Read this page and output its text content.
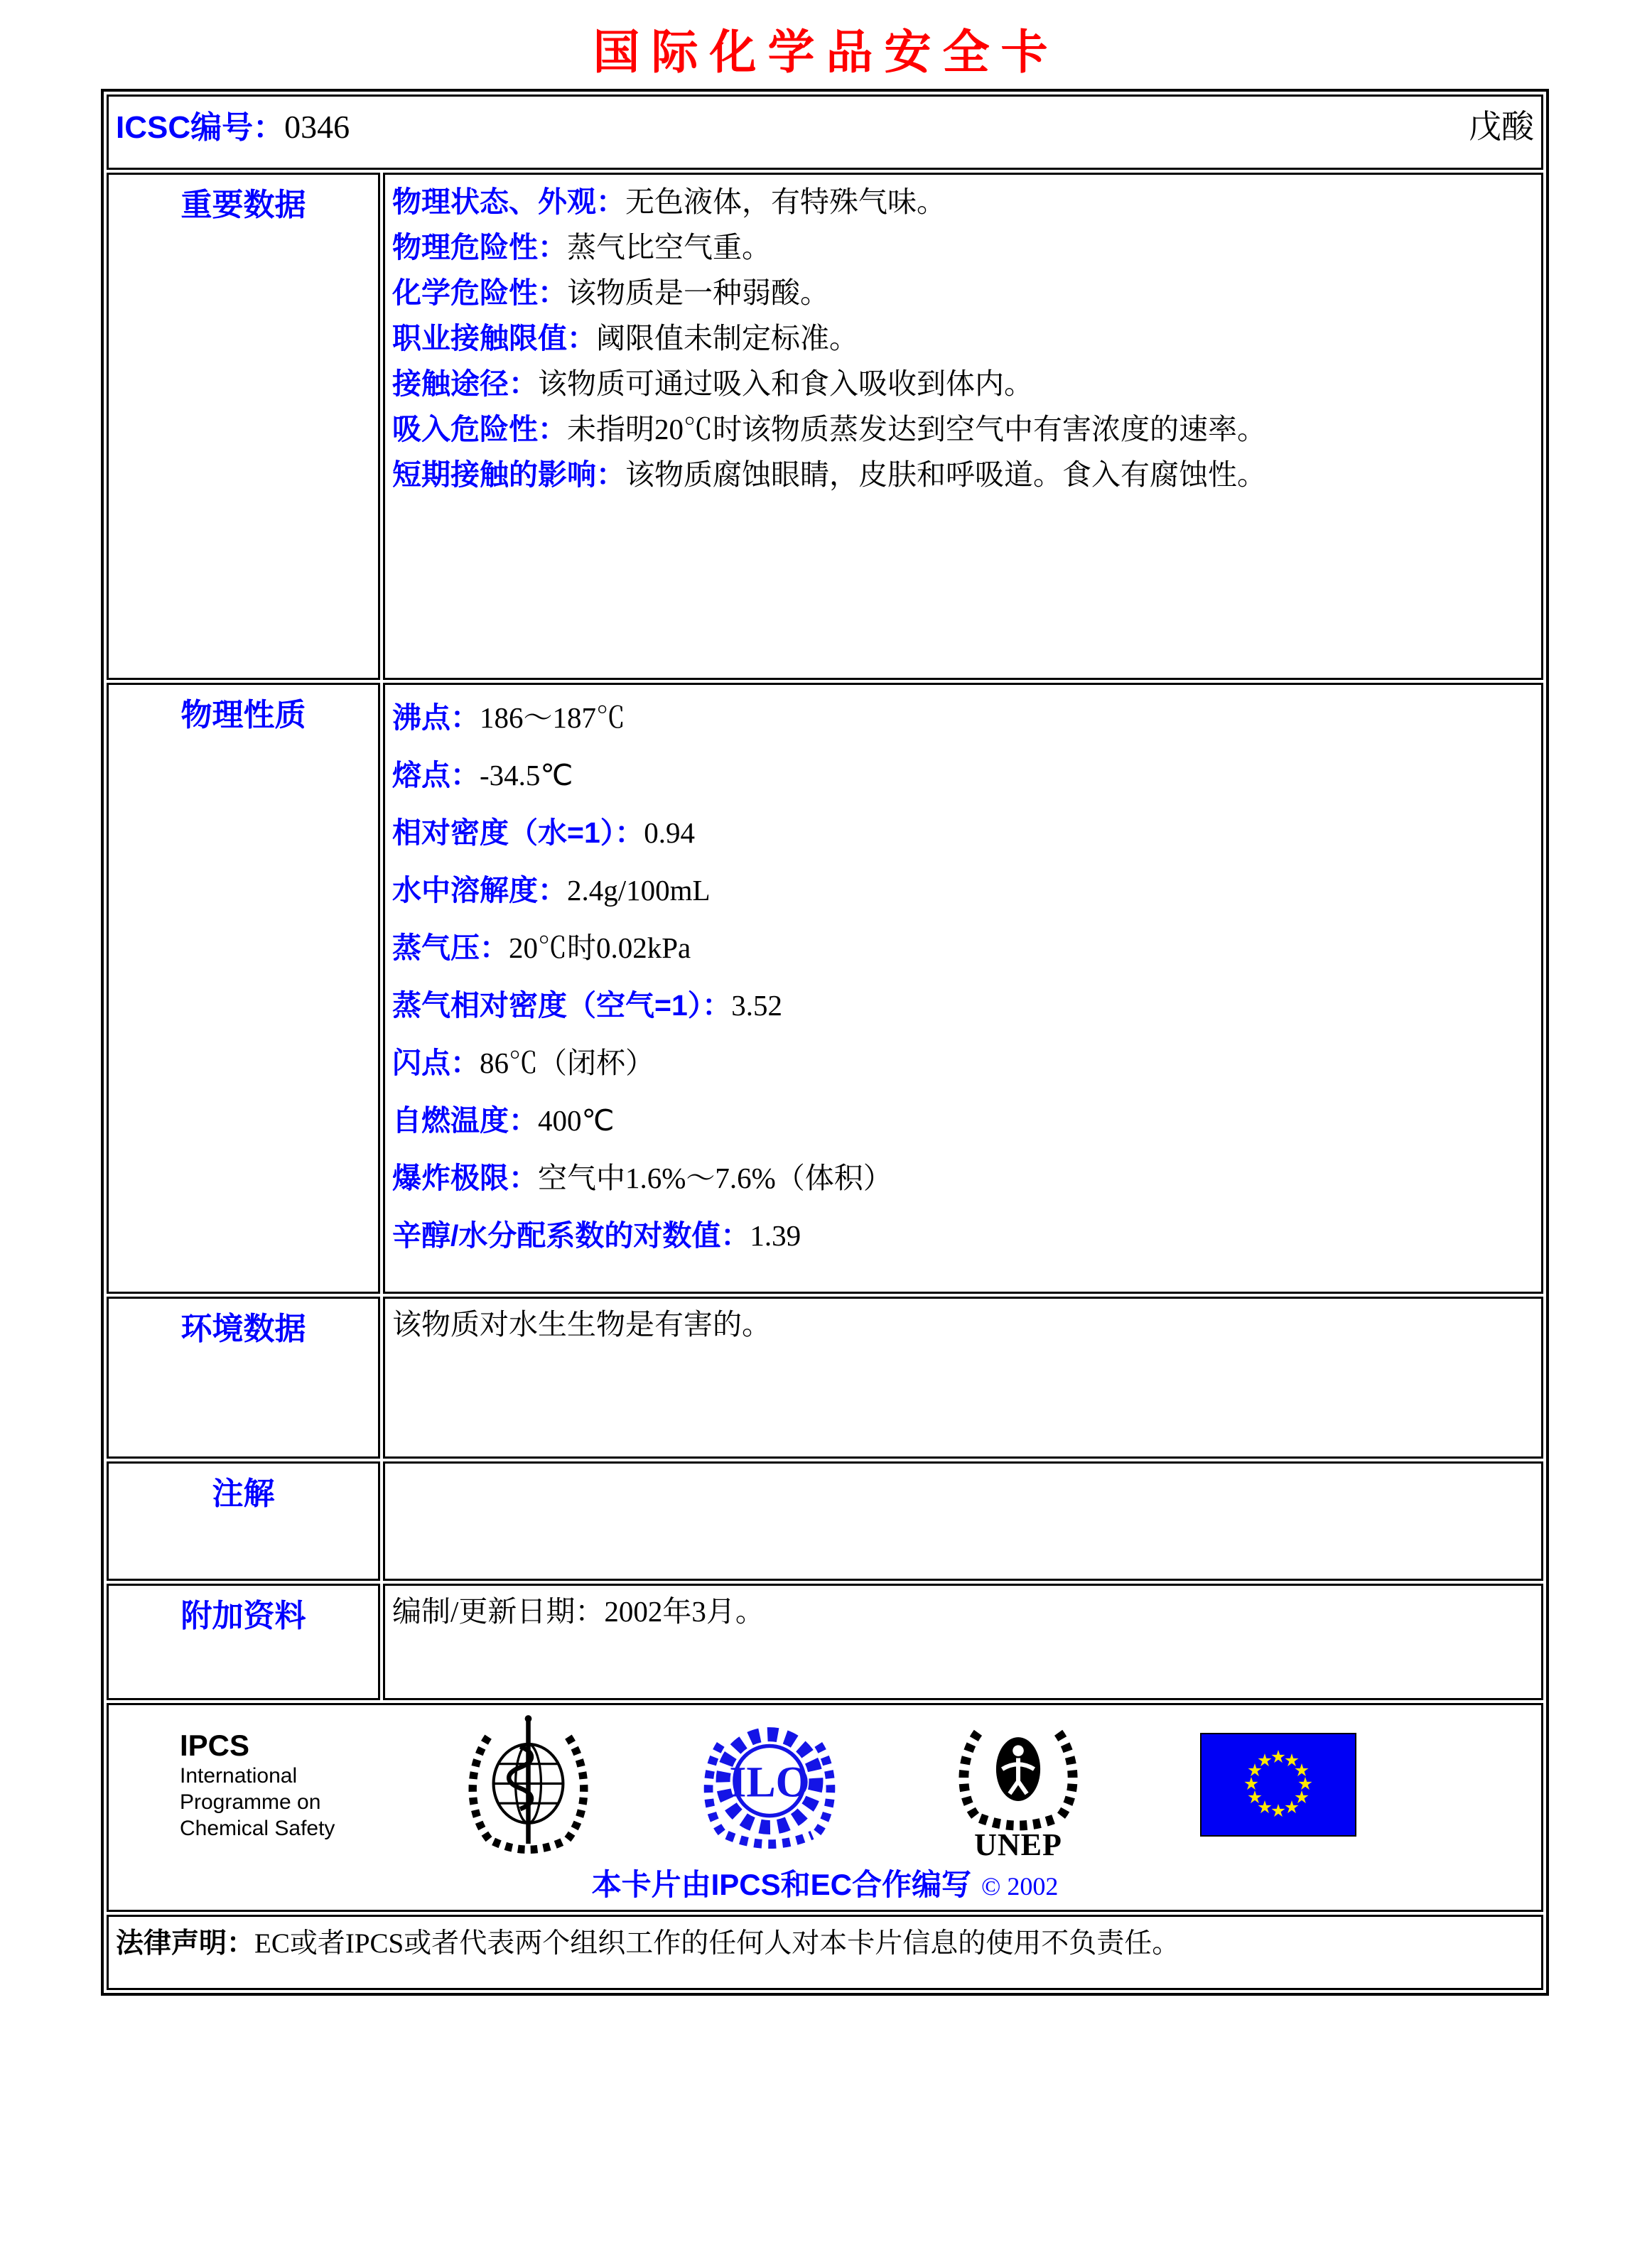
国际化学品安全卡
ICSC编号：0346 戊酸	

重要数据	物理状态、外观：无色液体，有特殊气味。
物理危险性：蒸气比空气重。
化学危险性：该物质是一种弱酸。
职业接触限值：阈限值未制定标准。
接触途径：该物质可通过吸入和食入吸收到体内。
吸入危险性：未指明20℃时该物质蒸发达到空气中有害浓度的速率。
短期接触的影响：该物质腐蚀眼睛，皮肤和呼吸道。食入有腐蚀性。

物理性质	沸点：186～187℃
熔点：-34.5℃
相对密度（水=1）：0.94
水中溶解度：2.4g/100mL
蒸气压：20℃时0.02kPa
蒸气相对密度（空气=1）：3.52
闪点：86℃（闭杯）
自燃温度：400℃
爆炸极限：空气中1.6%～7.6%（体积）
辛醇/水分配系数的对数值：1.39

环境数据	该物质对水生生物是有害的。

注解	

附加资料	编制/更新日期：2002年3月。

IPCS
International
Programme on
Chemical Safety
ILO
UNEP
本卡片由IPCS和EC合作编写 © 2002

法律声明：EC或者IPCS或者代表两个组织工作的任何人对本卡片信息的使用不负责任。	
